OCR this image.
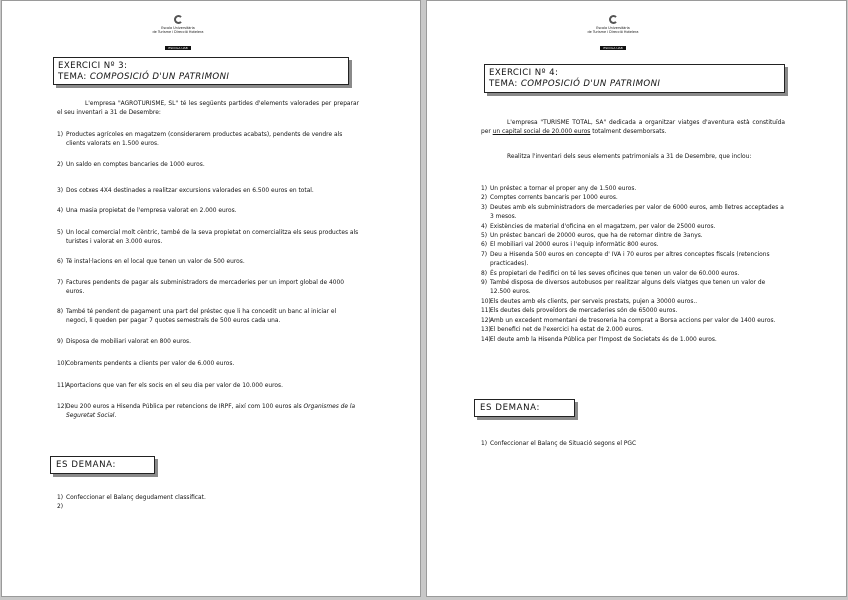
Escola Universitària
de Turisme i Direcció Hotelera
ESCOLA UAB
EXERCICI Nº 3:
TEMA: COMPOSICIÓ D'UN PATRIMONI
L'empresa "AGROTURISME, SL" té les següents partides d'elements valorades per preparar el seu inventari a 31 de Desembre:
1) Productes agrícoles en magatzem (considerarem productes acabats), pendents de vendre als clients valorats en 1.500 euros.
2) Un saldo en comptes bancaries de 1000 euros.
3) Dos cotxes 4X4 destinades a realitzar excursions valorades en 6.500 euros en total.
4) Una masia propietat de l'empresa valorat en 2.000 euros.
5) Un local comercial molt cèntric, també de la seva propietat on comercialitza els seus productes als turistes i valorat en 3.000 euros.
6) Té instal·lacions en el local que tenen un valor de 500 euros.
7) Factures pendents de pagar als subministradors de mercaderies per un import global de 4000 euros.
8) També té pendent de pagament una part del préstec que li ha concedit un banc al iniciar el negoci, li queden per pagar 7 quotes semestrals de 500 euros cada una.
9) Disposa de mobiliari valorat en 800 euros.
10) Cobraments pendents a clients per valor de 6.000 euros.
11) Aportacions que van fer els socis en el seu dia per valor de 10.000 euros.
12) Deu 200 euros a Hisenda Pública per retencions de IRPF, així com 100 euros als Organismes de la Seguretat Social.
ES DEMANA:
1) Confeccionar el Balanç degudament classificat.
2)
Escola Universitària
de Turisme i Direcció Hotelera
ESCOLA UAB
EXERCICI Nº 4:
TEMA: COMPOSICIÓ D'UN PATRIMONI
L'empresa "TURISME TOTAL, SA" dedicada a organitzar viatges d'aventura està constituïda per un capital social de 20.000 euros totalment desemborsats.
Realitza l'inventari dels seus elements patrimonials a 31 de Desembre, que inclou:
1) Un préstec a tornar el proper any de 1.500 euros.
2) Comptes corrents bancaris per 1000 euros.
3) Deutes amb els subministradors de mercaderies per valor de 6000 euros, amb lletres acceptades a 3 mesos.
4) Existències de material d'oficina en el magatzem, per valor de 25000 euros.
5) Un préstec bancari de 20000 euros, que ha de retornar dintre de 3anys.
6) El mobiliari val 2000 euros i l'equip informàtic 800 euros.
7) Deu a Hisenda 500 euros en concepte d' IVA i 70 euros per altres conceptes fiscals (retencions practicades).
8) És propietari de l'edifici on té les seves oficines que tenen un valor de 60.000 euros.
9) També disposa de diversos autobusos per realitzar alguns dels viatges que tenen un valor de 12.500 euros.
10) Els deutes amb els clients, per serveis prestats, pujen a 30000 euros..
11) Els deutes dels proveïdors de mercaderies són de 65000 euros.
12) Amb un excedent momentani de tresoreria ha comprat a Borsa accions per valor de 1400 euros.
13) El benefici net de l'exercici ha estat de 2.000 euros.
14) El deute amb la Hisenda Pública per l'Impost de Societats és de 1.000 euros.
ES DEMANA:
1) Confeccionar el Balanç de Situació segons el PGC
